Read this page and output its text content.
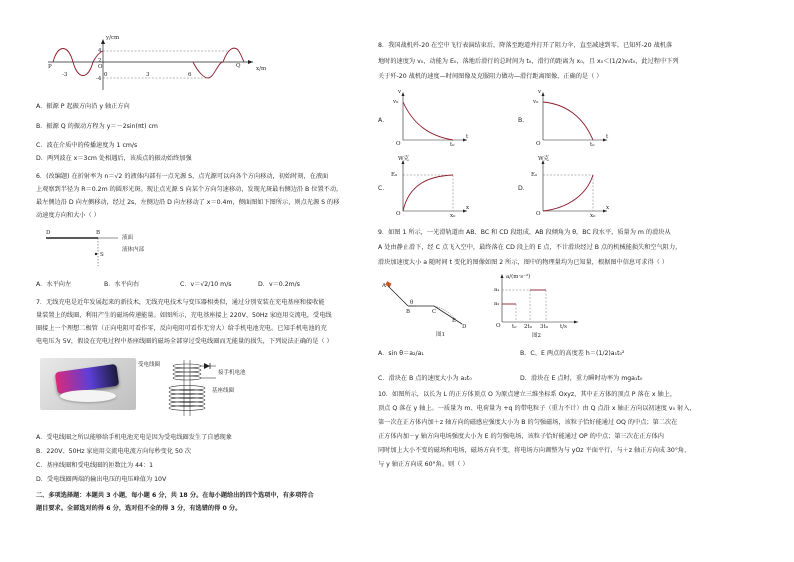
y/cm
x/m
4
2
-4
P	Q
O
-3	0	3	6
A．振源 P 起振方向沿 y 轴正方向
B．振源 Q 的振动方程为 y＝－2sin(πt) cm
C．波在介质中的传播速度为 1 cm/s
D．两列波在 x＝3cm 处相遇后，该质点的振动始终加强
6．(改编题) 在折射率为 n＝√2 的液体内部有一点光源 S，点光源可以向各个方向移动，初始时刻，在液面
上观察到半径为 R＝0.2m 的圆形光斑。现让点光源 S 向某个方向匀速移动，发现光斑最右侧边沿 B 位置不动，
最左侧边沿 D 向左侧移动，经过 2s，左侧边沿 D 向左移动了 x＝0.4m，侧面图如下图所示，则点光源 S 的移
动速度方向和大小（ ）
D	B
S
液面
液体内部
A．水平向左	B．水平向右	C．v＝√2/10 m/s	D．v＝0.2m/s
7．无线充电是近年发展起来的新技术，无线充电技术与变压器相类似，通过分别安装在充电基座和接收能
量装置上的线圈，利用产生的磁场传递能量。如图所示，充电基座接上 220V、50Hz 家庭用交流电，受电线
圈接上一个理想二极管（正向电阻可看作零，反向电阻可看作无穷大）给手机电池充电。已知手机电池的充
电电压为 5V，假设在充电过程中基座线圈的磁场全部穿过受电线圈而无能量的损失，下列说法正确的是（ ）
受电线圈
接手机电池
基座线圈
A．受电线圈之所以能够给手机电池充电是因为受电线圈发生了自感现象
B．220V、50Hz 家庭用交流电电流方向每秒变化 50 次
C．基座线圈和受电线圈的匝数比为 44：1
D．受电线圈两端的输出电压的电压峰值为 10V
二、多项选择题：本题共 3 小题，每小题 6 分，共 18 分。在每小题给出的四个选项中，有多项符合
题目要求。全部选对的得 6 分，选对但不全的得 3 分，有选错的得 0 分。
8．我国战机歼-20 在空中飞行表演结束后，降落至跑道并打开了阻力伞，直至减速到零。已知歼-20 战机落
地时的速度为 v₀，动能为 E₀，落地后滑行的总时间为 t₀，滑行的距离为 x₀，且 x₀＜(1/2)v₀t₀，此过程中下列
关于歼-20 战机的速度—时间图像及克服阻力做功—滑行距离图像，正确的是（ ）
A．
v
v₀
O	t₀
t
B．
v
v₀
O	t₀
t
C．
W克
E₀
O	x₀
x
D．
W克
E₀
O	x₀
x
9．如图 1 所示，一光滑轨道由 AB、BC 和 CD 段组成，AB 段倾角为 θ，BC 段水平，质量为 m 的滑块从
A 处由静止滑下，经 C 点飞入空中，最终落在 CD 段上的 E 点，不计滑块经过 B 点的机械能损失和空气阻力，
滑块加速度大小 a 随时间 t 变化的图像如图 2 所示，图中的物理量均为已知量，根据图中信息可求得（ ）
A
B	C
E
D
θ
图1
a/(m·s⁻²)
a₁
a₂
O t₀ 2t₀ 3t₀ t/s
图2
A．sin θ＝a₂/a₁	B．C、E 两点的高度差 h＝(1/2)a₁t₀²
C．滑块在 B 点的速度大小为 a₂t₀	D．滑块在 E 点时，重力瞬时功率为 mga₁t₀
10．如图所示，以长为 L 的正方体顶点 O 为原点建立三维坐标系 Oxyz，其中正方体的顶点 P 落在 x 轴上，
顶点 Q 落在 y 轴上。一质量为 m、电荷量为 +q 的带电粒子（重力不计）由 Q 点沿 x 轴正方向以初速度 v₀ 射入，
第一次在正方体内加＋z 轴方向的磁感应强度大小为 B 的匀强磁场，该粒子恰好能通过 OQ 的中点；第二次在
正方体内加－y 轴方向电场强度大小为 E 的匀强电场，该粒子恰好能通过 OP 的中点；第三次在正方体内
同时加上大小不变的磁场和电场，磁场方向不变，将电场方向调整为与 yOz 平面平行，与＋z 轴正方向成 30°角、
与 y 轴正方向成 60°角。则（ ）
